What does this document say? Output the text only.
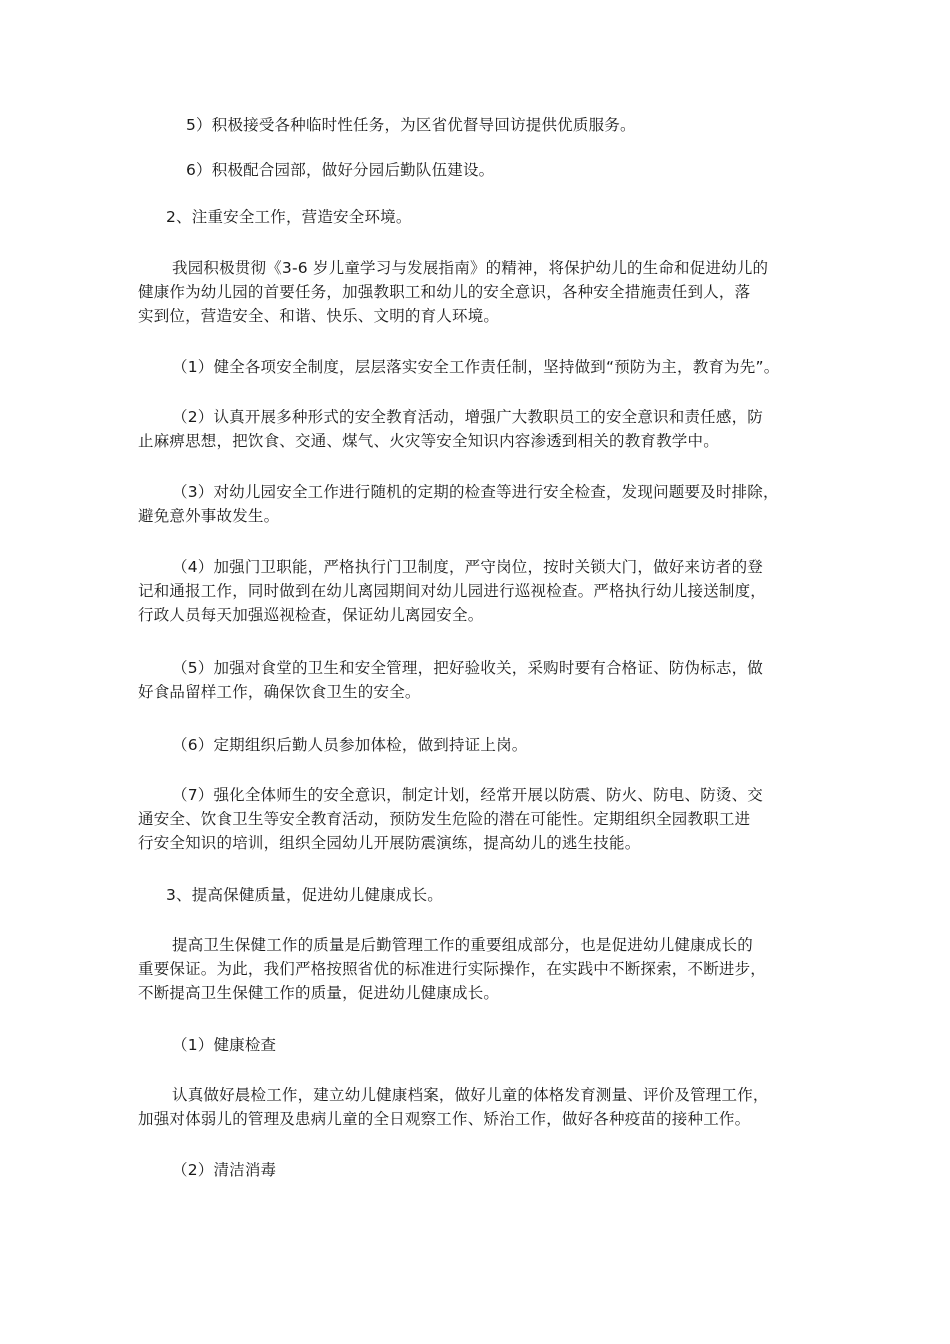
5）积极接受各种临时性任务，为区省优督导回访提供优质服务。

6）积极配合园部，做好分园后勤队伍建设。

2、注重安全工作，营造安全环境。

我园积极贯彻《3-6 岁儿童学习与发展指南》的精神，将保护幼儿的生命和促进幼儿的
健康作为幼儿园的首要任务，加强教职工和幼儿的安全意识，各种安全措施责任到人，落
实到位，营造安全、和谐、快乐、文明的育人环境。

（1）健全各项安全制度，层层落实安全工作责任制，坚持做到“预防为主，教育为先”。

（2）认真开展多种形式的安全教育活动，增强广大教职员工的安全意识和责任感，防
止麻痹思想，把饮食、交通、煤气、火灾等安全知识内容渗透到相关的教育教学中。

（3）对幼儿园安全工作进行随机的定期的检查等进行安全检查，发现问题要及时排除，
避免意外事故发生。

（4）加强门卫职能，严格执行门卫制度，严守岗位，按时关锁大门，做好来访者的登
记和通报工作，同时做到在幼儿离园期间对幼儿园进行巡视检查。严格执行幼儿接送制度，
行政人员每天加强巡视检查，保证幼儿离园安全。

（5）加强对食堂的卫生和安全管理，把好验收关，采购时要有合格证、防伪标志，做
好食品留样工作，确保饮食卫生的安全。

（6）定期组织后勤人员参加体检，做到持证上岗。

（7）强化全体师生的安全意识，制定计划，经常开展以防震、防火、防电、防烫、交
通安全、饮食卫生等安全教育活动，预防发生危险的潜在可能性。定期组织全园教职工进
行安全知识的培训，组织全园幼儿开展防震演练，提高幼儿的逃生技能。

3、提高保健质量，促进幼儿健康成长。

提高卫生保健工作的质量是后勤管理工作的重要组成部分，也是促进幼儿健康成长的
重要保证。为此，我们严格按照省优的标准进行实际操作，在实践中不断探索，不断进步，
不断提高卫生保健工作的质量，促进幼儿健康成长。

（1）健康检查

认真做好晨检工作，建立幼儿健康档案，做好儿童的体格发育测量、评价及管理工作，
加强对体弱儿的管理及患病儿童的全日观察工作、矫治工作，做好各种疫苗的接种工作。

（2）清洁消毒
